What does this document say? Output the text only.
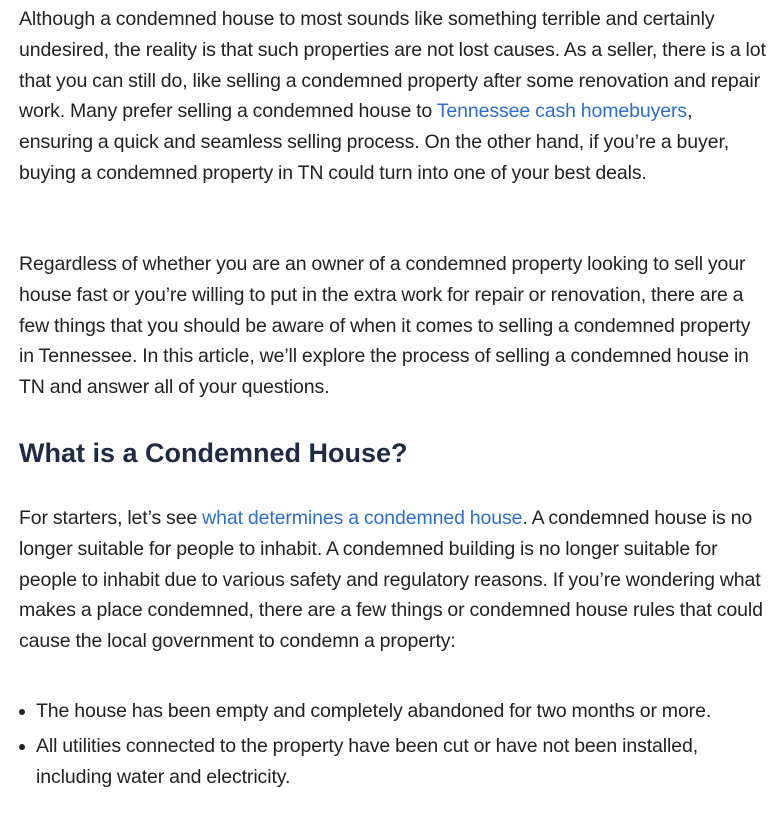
Although a condemned house to most sounds like something terrible and certainly undesired, the reality is that such properties are not lost causes. As a seller, there is a lot that you can still do, like selling a condemned property after some renovation and repair work. Many prefer selling a condemned house to Tennessee cash homebuyers, ensuring a quick and seamless selling process. On the other hand, if you’re a buyer, buying a condemned property in TN could turn into one of your best deals.

Regardless of whether you are an owner of a condemned property looking to sell your house fast or you’re willing to put in the extra work for repair or renovation, there are a few things that you should be aware of when it comes to selling a condemned property in Tennessee. In this article, we’ll explore the process of selling a condemned house in TN and answer all of your questions.

What is a Condemned House?

For starters, let’s see what determines a condemned house. A condemned house is no longer suitable for people to inhabit. A condemned building is no longer suitable for people to inhabit due to various safety and regulatory reasons. If you’re wondering what makes a place condemned, there are a few things or condemned house rules that could cause the local government to condemn a property:

The house has been empty and completely abandoned for two months or more.
All utilities connected to the property have been cut or have not been installed, including water and electricity.
